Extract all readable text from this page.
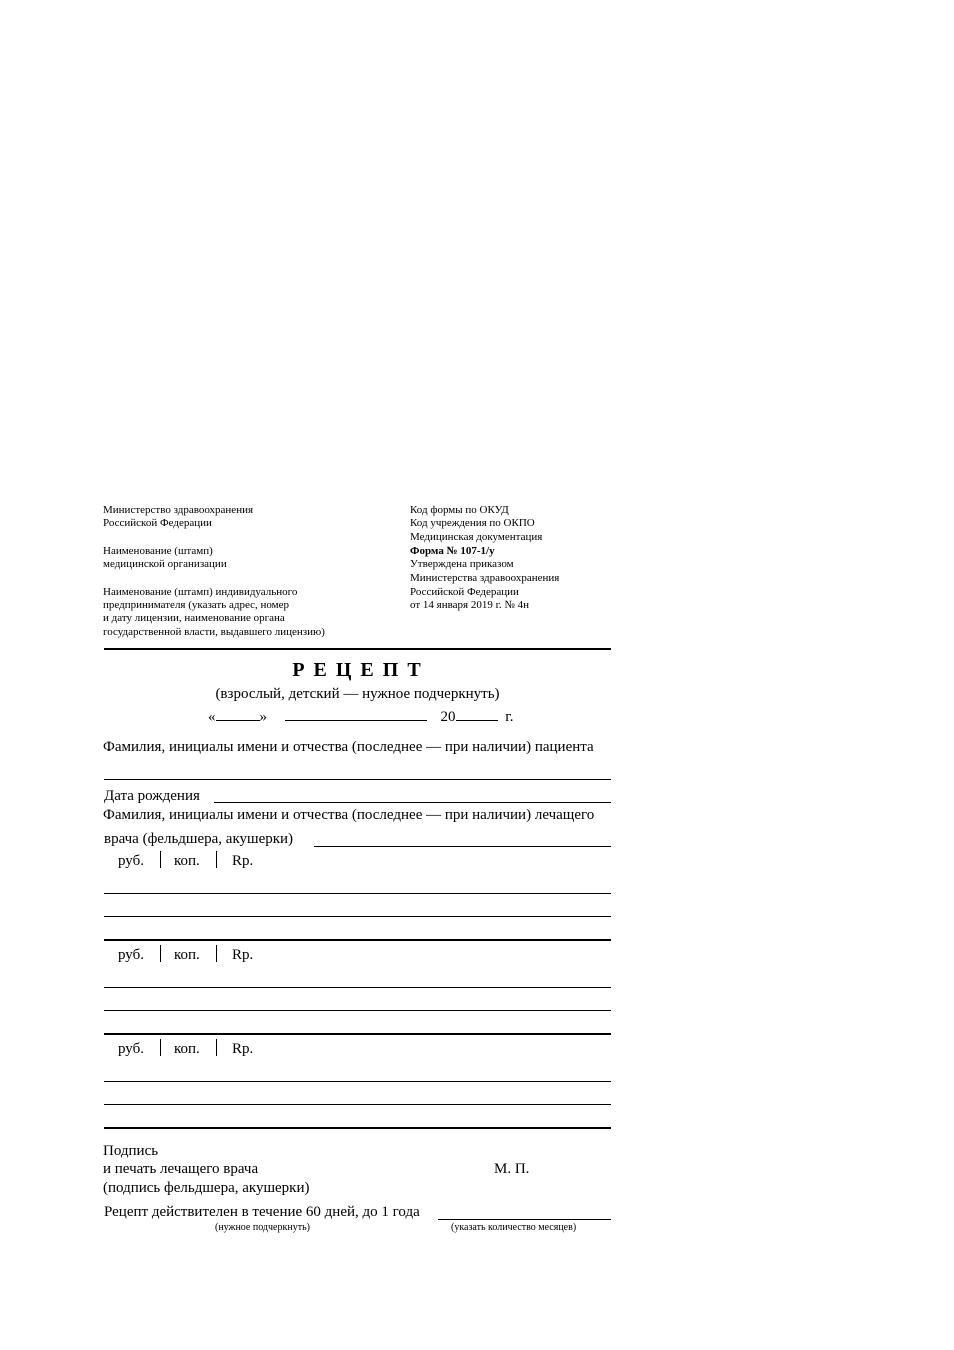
Министерство здравоохранения
Российской Федерации
Наименование (штамп)
медицинской организации
Наименование (штамп) индивидуального
предпринимателя (указать адрес, номер
и дату лицензии, наименование органа
государственной власти, выдавшего лицензию)
Код формы по ОКУД
Код учреждения по ОКПО
Медицинская документация
Форма № 107-1/у
Утверждена приказом
Министерства здравоохранения
Российской Федерации
от 14 января 2019 г. № 4н
Р Е Ц Е П Т
(взрослый, детский — нужное подчеркнуть)
«	»	20	г.
Фамилия, инициалы имени и отчества (последнее — при наличии) пациента
Дата рождения
Фамилия, инициалы имени и отчества (последнее — при наличии) лечащего
врача (фельдшера, акушерки)
руб. коп. Rp.
руб. коп. Rp.
руб. коп. Rp.
Подпись
и печать лечащего врача
(подпись фельдшера, акушерки)
М. П.
Рецепт действителен в течение 60 дней, до 1 года
(нужное подчеркнуть)	(указать количество месяцев)
